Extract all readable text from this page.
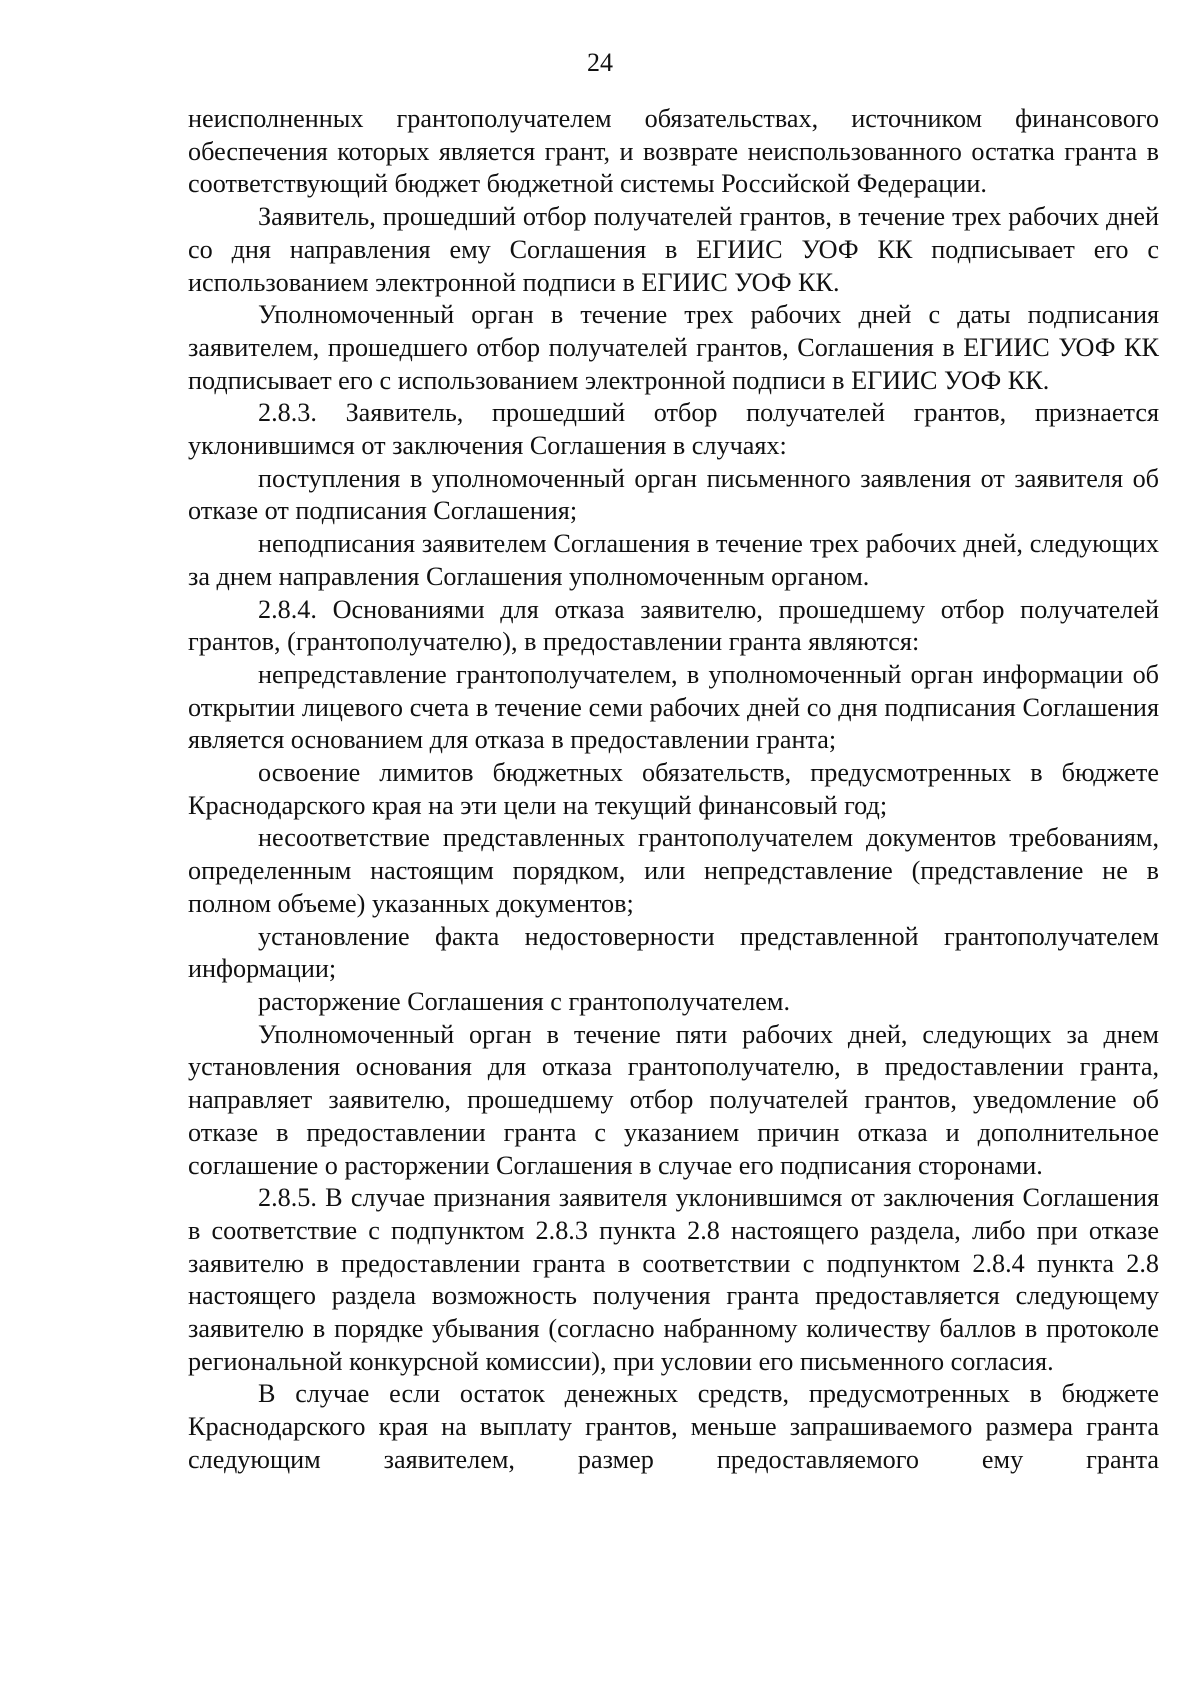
24

неисполненных грантополучателем обязательствах, источником финансового обеспечения которых является грант, и возврате неиспользованного остатка гранта в соответствующий бюджет бюджетной системы Российской Федерации.

Заявитель, прошедший отбор получателей грантов, в течение трех рабочих дней со дня направления ему Соглашения в ЕГИИС УОФ КК подписывает его с использованием электронной подписи в ЕГИИС УОФ КК.

Уполномоченный орган в течение трех рабочих дней с даты подписания заявителем, прошедшего отбор получателей грантов, Соглашения в ЕГИИС УОФ КК подписывает его с использованием электронной подписи в ЕГИИС УОФ КК.

2.8.3. Заявитель, прошедший отбор получателей грантов, признается уклонившимся от заключения Соглашения в случаях:

поступления в уполномоченный орган письменного заявления от заявителя об отказе от подписания Соглашения;

неподписания заявителем Соглашения в течение трех рабочих дней, следующих за днем направления Соглашения уполномоченным органом.

2.8.4. Основаниями для отказа заявителю, прошедшему отбор получателей грантов, (грантополучателю), в предоставлении гранта являются:

непредставление грантополучателем, в уполномоченный орган информации об открытии лицевого счета в течение семи рабочих дней со дня подписания Соглашения является основанием для отказа в предоставлении гранта;

освоение лимитов бюджетных обязательств, предусмотренных в бюджете Краснодарского края на эти цели на текущий финансовый год;

несоответствие представленных грантополучателем документов требованиям, определенным настоящим порядком, или непредставление (представление не в полном объеме) указанных документов;

установление факта недостоверности представленной грантополучателем информации;

расторжение Соглашения с грантополучателем.

Уполномоченный орган в течение пяти рабочих дней, следующих за днем установления основания для отказа грантополучателю, в предоставлении гранта, направляет заявителю, прошедшему отбор получателей грантов, уведомление об отказе в предоставлении гранта с указанием причин отказа и дополнительное соглашение о расторжении Соглашения в случае его подписания сторонами.

2.8.5. В случае признания заявителя уклонившимся от заключения Соглашения в соответствие с подпунктом 2.8.3 пункта 2.8 настоящего раздела, либо при отказе заявителю в предоставлении гранта в соответствии с подпунктом 2.8.4 пункта 2.8 настоящего раздела возможность получения гранта предоставляется следующему заявителю в порядке убывания (согласно набранному количеству баллов в протоколе региональной конкурсной комиссии), при условии его письменного согласия.

В случае если остаток денежных средств, предусмотренных в бюджете Краснодарского края на выплату грантов, меньше запрашиваемого размера гранта следующим заявителем, размер предоставляемого ему гранта
